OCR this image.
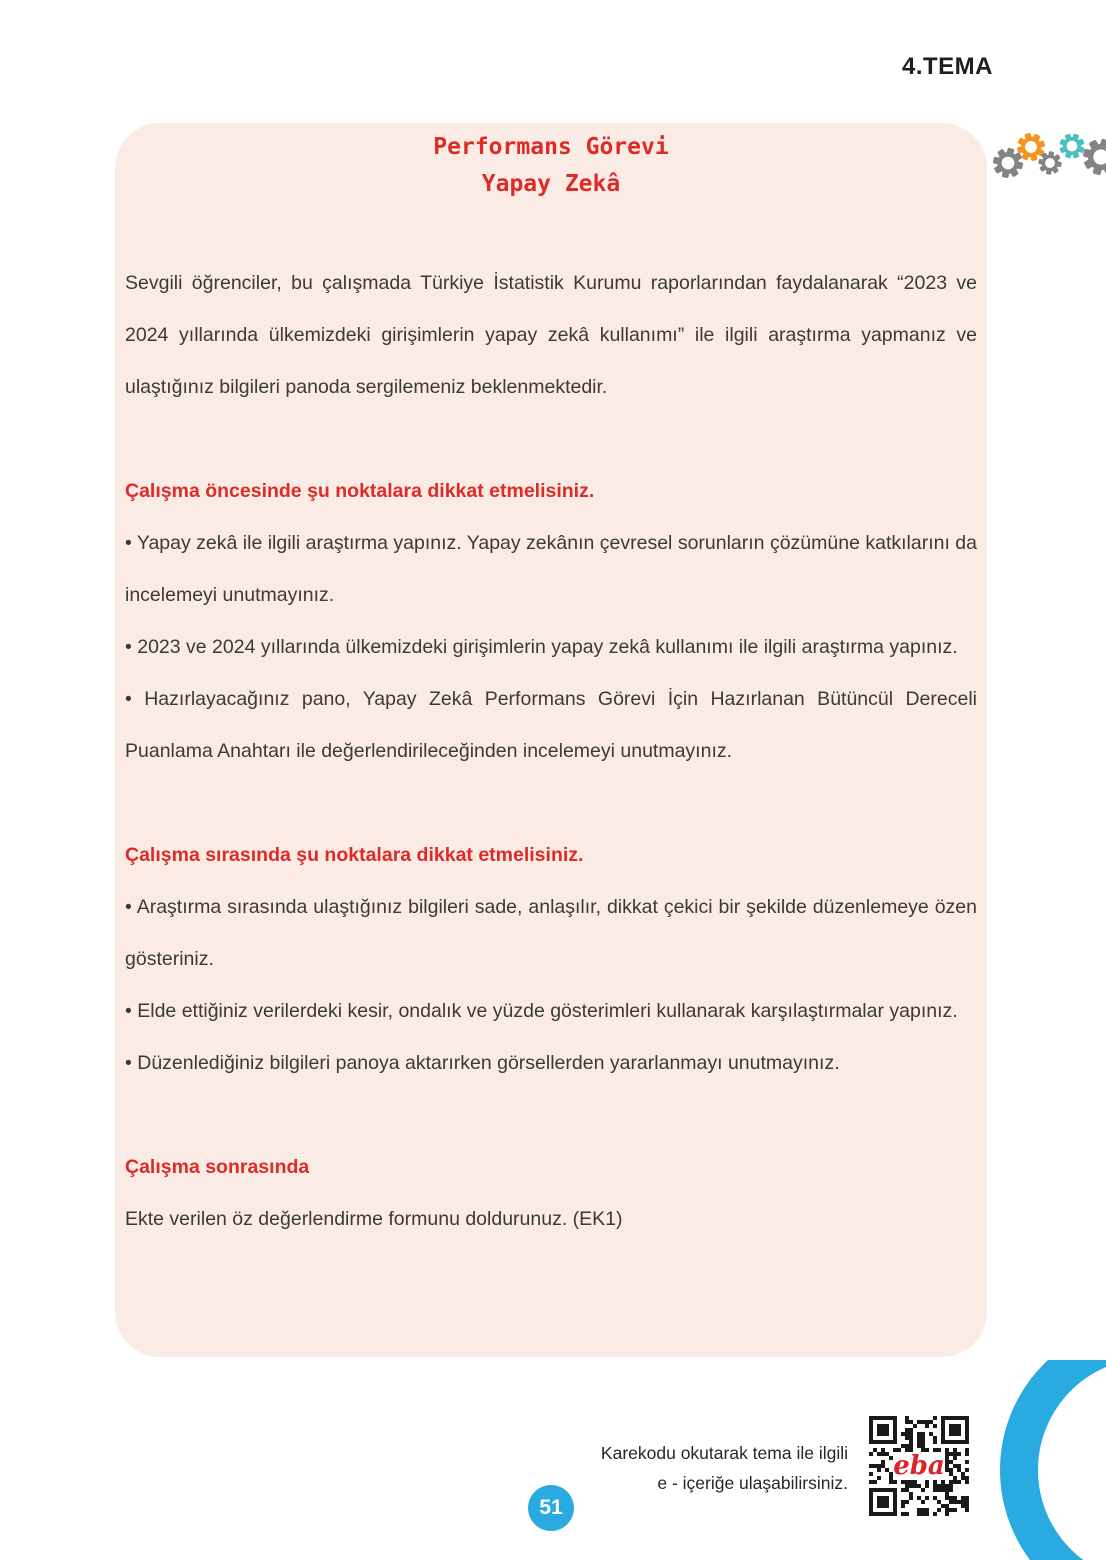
4.TEMA
Performans Görevi
Yapay Zekâ

Sevgili öğrenciler, bu çalışmada Türkiye İstatistik Kurumu raporlarından faydalanarak “2023 ve 2024 yıllarında ülkemizdeki girişimlerin yapay zekâ kullanımı” ile ilgili araştırma yapmanız ve ulaştığınız bilgileri panoda sergilemeniz beklenmektedir.

Çalışma öncesinde şu noktalara dikkat etmelisiniz.

• Yapay zekâ ile ilgili araştırma yapınız. Yapay zekânın çevresel sorunların çözümüne katkılarını da incelemeyi unutmayınız.

• 2023 ve 2024 yıllarında ülkemizdeki girişimlerin yapay zekâ kullanımı ile ilgili araştırma yapınız.

• Hazırlayacağınız pano, Yapay Zekâ Performans Görevi İçin Hazırlanan Bütüncül Dereceli Puanlama Anahtarı ile değerlendirileceğinden incelemeyi unutmayınız.

Çalışma sırasında şu noktalara dikkat etmelisiniz.

• Araştırma sırasında ulaştığınız bilgileri sade, anlaşılır, dikkat çekici bir şekilde düzenlemeye özen gösteriniz.

• Elde ettiğiniz verilerdeki kesir, ondalık ve yüzde gösterimleri kullanarak karşılaştırmalar yapınız.

• Düzenlediğiniz bilgileri panoya aktarırken görsellerden yararlanmayı unutmayınız.

Çalışma sonrasında

Ekte verilen öz değerlendirme formunu doldurunuz. (EK1)

Karekodu okutarak tema ile ilgili
e - içeriğe ulaşabilirsiniz.
eba
51
